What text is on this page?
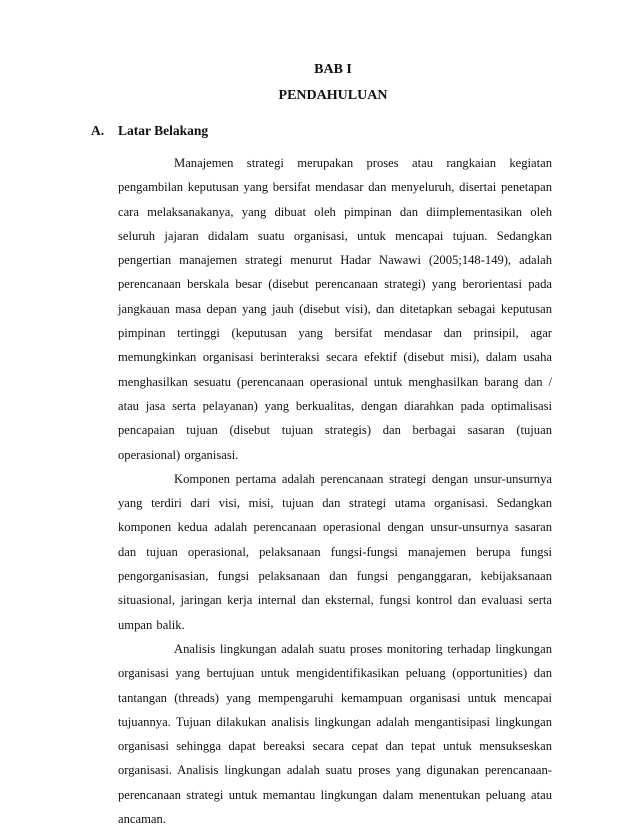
BAB I
PENDAHULUAN
A. Latar Belakang

Manajemen strategi merupakan proses atau rangkaian kegiatan pengambilan keputusan yang bersifat mendasar dan menyeluruh, disertai penetapan cara melaksanakanya, yang dibuat oleh pimpinan dan diimplementasikan oleh seluruh jajaran didalam suatu organisasi, untuk mencapai tujuan. Sedangkan pengertian manajemen strategi menurut Hadar Nawawi (2005;148-149), adalah perencanaan berskala besar (disebut perencanaan strategi) yang berorientasi pada jangkauan masa depan yang jauh (disebut visi), dan ditetapkan sebagai keputusan pimpinan tertinggi (keputusan yang bersifat mendasar dan prinsipil, agar memungkinkan organisasi berinteraksi secara efektif (disebut misi), dalam usaha menghasilkan sesuatu (perencanaan operasional untuk menghasilkan barang dan / atau jasa serta pelayanan) yang berkualitas, dengan diarahkan pada optimalisasi pencapaian tujuan (disebut tujuan strategis) dan berbagai sasaran (tujuan operasional) organisasi.

Komponen pertama adalah perencanaan strategi dengan unsur-unsurnya yang terdiri dari visi, misi, tujuan dan strategi utama organisasi. Sedangkan komponen kedua adalah perencanaan operasional dengan unsur-unsurnya sasaran dan tujuan operasional, pelaksanaan fungsi-fungsi manajemen berupa fungsi pengorganisasian, fungsi pelaksanaan dan fungsi penganggaran, kebijaksanaan situasional, jaringan kerja internal dan eksternal, fungsi kontrol dan evaluasi serta umpan balik.

Analisis lingkungan adalah suatu proses monitoring terhadap lingkungan organisasi yang bertujuan untuk mengidentifikasikan peluang (opportunities) dan tantangan (threads) yang mempengaruhi kemampuan organisasi untuk mencapai tujuannya. Tujuan dilakukan analisis lingkungan adalah mengantisipasi lingkungan organisasi sehingga dapat bereaksi secara cepat dan tepat untuk mensukseskan organisasi. Analisis lingkungan adalah suatu proses yang digunakan perencanaan-perencanaan strategi untuk memantau lingkungan dalam menentukan peluang atau ancaman.
